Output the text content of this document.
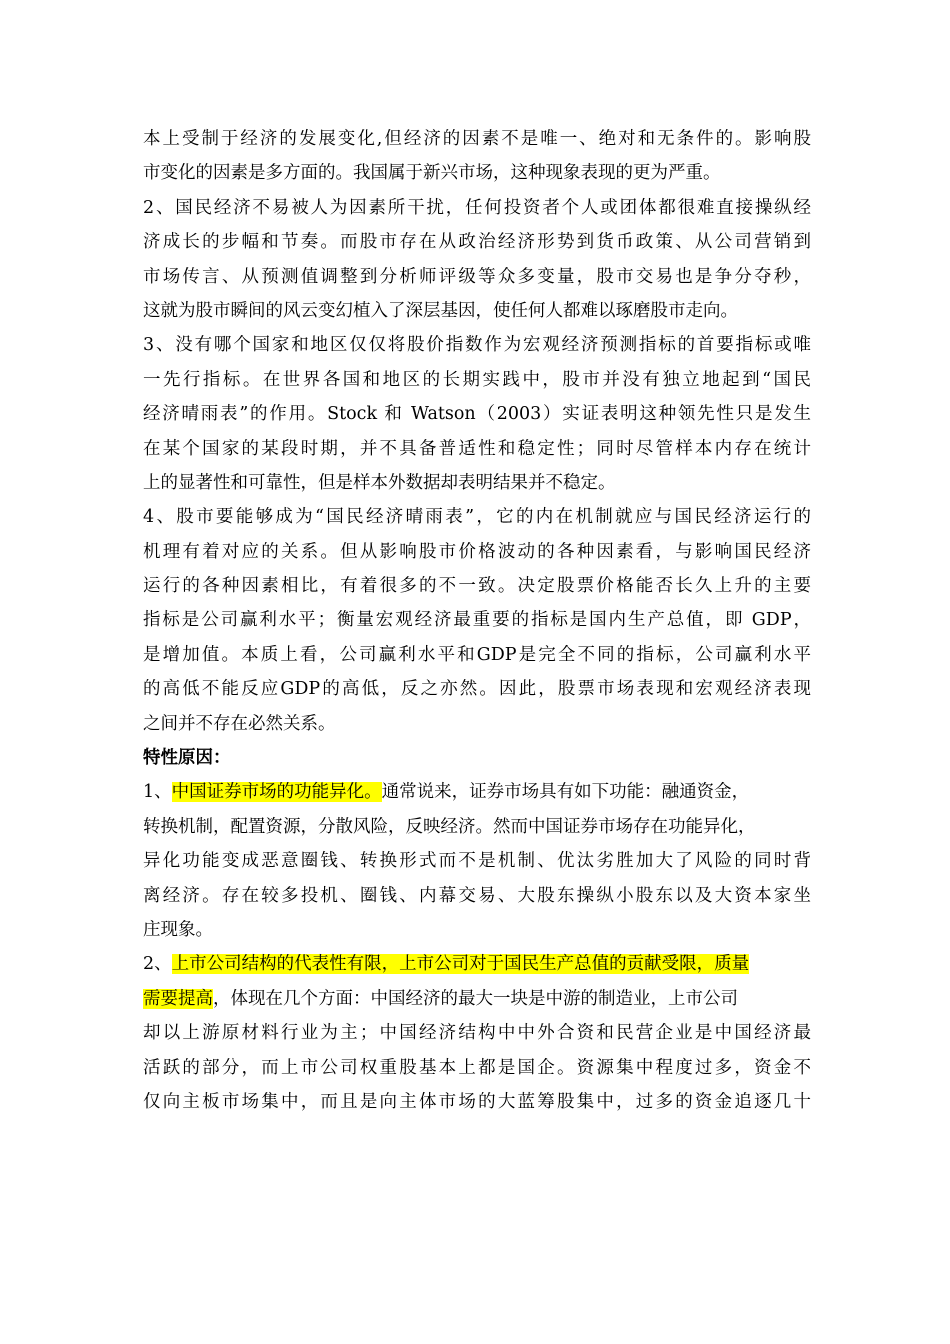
本上受制于经济的发展变化,但经济的因素不是唯一、绝对和无条件的。影响股
市变化的因素是多方面的。我国属于新兴市场，这种现象表现的更为严重。
2、国民经济不易被人为因素所干扰，任何投资者个人或团体都很难直接操纵经
济成长的步幅和节奏。而股市存在从政治经济形势到货币政策、从公司营销到
市场传言、从预测值调整到分析师评级等众多变量，股市交易也是争分夺秒，
这就为股市瞬间的风云变幻植入了深层基因，使任何人都难以琢磨股市走向。
3、没有哪个国家和地区仅仅将股价指数作为宏观经济预测指标的首要指标或唯
一先行指标。在世界各国和地区的长期实践中，股市并没有独立地起到“国民
经济晴雨表”的作用。Stock 和 Watson（2003）实证表明这种领先性只是发生
在某个国家的某段时期，并不具备普适性和稳定性；同时尽管样本内存在统计
上的显著性和可靠性，但是样本外数据却表明结果并不稳定。
4、股市要能够成为“国民经济晴雨表”，它的内在机制就应与国民经济运行的
机理有着对应的关系。但从影响股市价格波动的各种因素看，与影响国民经济
运行的各种因素相比，有着很多的不一致。决定股票价格能否长久上升的主要
指标是公司赢利水平；衡量宏观经济最重要的指标是国内生产总值，即 GDP，
是增加值。本质上看，公司赢利水平和GDP是完全不同的指标，公司赢利水平
的高低不能反应GDP的高低，反之亦然。因此，股票市场表现和宏观经济表现
之间并不存在必然关系。
特性原因：
1、中国证券市场的功能异化。通常说来，证券市场具有如下功能：融通资金，
转换机制，配置资源，分散风险，反映经济。然而中国证券市场存在功能异化，
异化功能变成恶意圈钱、转换形式而不是机制、优汰劣胜加大了风险的同时背
离经济。存在较多投机、圈钱、内幕交易、大股东操纵小股东以及大资本家坐
庄现象。
2、上市公司结构的代表性有限，上市公司对于国民生产总值的贡献受限，质量
需要提高，体现在几个方面：中国经济的最大一块是中游的制造业，上市公司
却以上游原材料行业为主；中国经济结构中中外合资和民营企业是中国经济最
活跃的部分，而上市公司权重股基本上都是国企。资源集中程度过多，资金不
仅向主板市场集中，而且是向主体市场的大蓝筹股集中，过多的资金追逐几十
